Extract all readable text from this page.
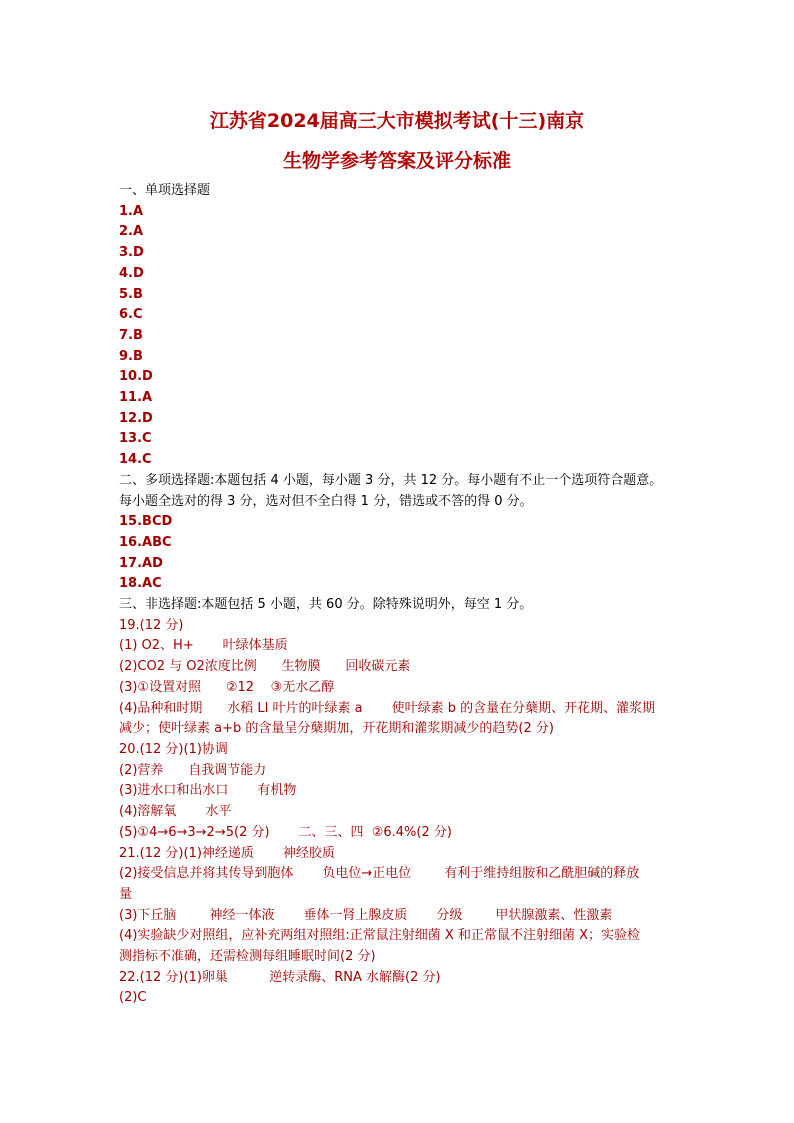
江苏省2024届高三大市模拟考试(十三)南京
生物学参考答案及评分标准
一、单项选择题
1.A
2.A
3.D
4.D
5.B
6.C
7.B
9.B
10.D
11.A
12.D
13.C
14.C
二、多项选择题:本题包括 4 小题，每小题 3 分，共 12 分。每小题有不止一个选项符合题意。
每小题全选对的得 3 分，选对但不全白得 1 分，错选或不答的得 0 分。
15.BCD
16.ABC
17.AD
18.AC
三、非选择题:本题包括 5 小题，共 60 分。除特殊说明外，每空 1 分。
19.(12 分)
(1) O2、H+       叶绿体基质
(2)CO2 与 O2浓度比例      生物膜      回收碳元素
(3)①设置对照      ②12    ③无水乙醇
(4)品种和时期      水稻 LI 叶片的叶绿素 a       使叶绿素 b 的含量在分蘖期、开花期、灌浆期
减少；使叶绿素 a+b 的含量呈分蘖期加，开花期和灌浆期减少的趋势(2 分)
20.(12 分)(1)协调
(2)营养      自我调节能力
(3)进水口和出水口       有机物
(4)溶解氧       水平
(5)①4→6→3→2→5(2 分)       二、三、四  ②6.4%(2 分)
21.(12 分)(1)神经递质       神经胶质
(2)接受信息并将其传导到胞体       负电位→正电位        有利于维持组胺和乙酰胆碱的释放
量
(3)下丘脑        神经一体液       垂体一肾上腺皮质       分级        甲状腺激素、性激素
(4)实验缺少对照组，应补充两组对照组:正常鼠注射细菌 X 和正常鼠不注射细菌 X；实验检
测指标不准确，还需检测每组睡眠时间(2 分)
22.(12 分)(1)卵巢          逆转录酶、RNA 水解酶(2 分)
(2)C
